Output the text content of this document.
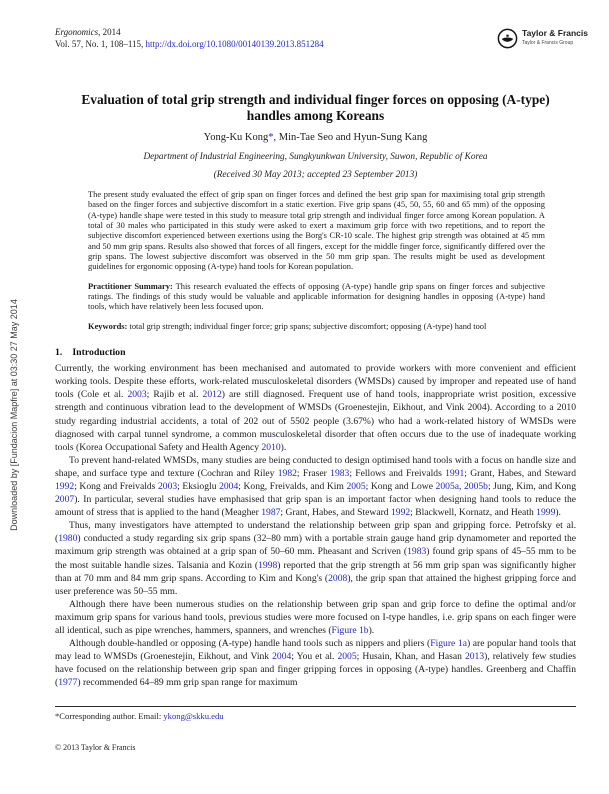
Downloaded by [Fundacion Mapfre] at 03:30 27 May 2014
Ergonomics, 2014
Vol. 57, No. 1, 108–115, http://dx.doi.org/10.1080/00140139.2013.851284
Taylor & Francis
Taylor & Francis Group
Evaluation of total grip strength and individual finger forces on opposing (A-type) handles among Koreans
Yong-Ku Kong*, Min-Tae Seo and Hyun-Sung Kang
Department of Industrial Engineering, Sungkyunkwan University, Suwon, Republic of Korea
(Received 30 May 2013; accepted 23 September 2013)

The present study evaluated the effect of grip span on finger forces and defined the best grip span for maximising total grip strength based on the finger forces and subjective discomfort in a static exertion. Five grip spans (45, 50, 55, 60 and 65 mm) of the opposing (A-type) handle shape were tested in this study to measure total grip strength and individual finger force among Korean population. A total of 30 males who participated in this study were asked to exert a maximum grip force with two repetitions, and to report the subjective discomfort experienced between exertions using the Borg's CR-10 scale. The highest grip strength was obtained at 45 mm and 50 mm grip spans. Results also showed that forces of all fingers, except for the middle finger force, significantly differed over the grip spans. The lowest subjective discomfort was observed in the 50 mm grip span. The results might be used as development guidelines for ergonomic opposing (A-type) hand tools for Korean population.

Practitioner Summary: This research evaluated the effects of opposing (A-type) handle grip spans on finger forces and subjective ratings. The findings of this study would be valuable and applicable information for designing handles in opposing (A-type) hand tools, which have relatively been less focused upon.

Keywords: total grip strength; individual finger force; grip spans; subjective discomfort; opposing (A-type) hand tool

1. Introduction

Currently, the working environment has been mechanised and automated to provide workers with more convenient and efficient working tools. Despite these efforts, work-related musculoskeletal disorders (WMSDs) caused by improper and repeated use of hand tools (Cole et al. 2003; Rajib et al. 2012) are still diagnosed. Frequent use of hand tools, inappropriate wrist position, excessive strength and continuous vibration lead to the development of WMSDs (Groenestejin, Eikhout, and Vink 2004). According to a 2010 study regarding industrial accidents, a total of 202 out of 5502 people (3.67%) who had a work-related history of WMSDs were diagnosed with carpal tunnel syndrome, a common musculoskeletal disorder that often occurs due to the use of inadequate working tools (Korea Occupational Safety and Health Agency 2010).

To prevent hand-related WMSDs, many studies are being conducted to design optimised hand tools with a focus on handle size and shape, and surface type and texture (Cochran and Riley 1982; Fraser 1983; Fellows and Freivalds 1991; Grant, Habes, and Steward 1992; Kong and Freivalds 2003; Eksioglu 2004; Kong, Freivalds, and Kim 2005; Kong and Lowe 2005a, 2005b; Jung, Kim, and Kong 2007). In particular, several studies have emphasised that grip span is an important factor when designing hand tools to reduce the amount of stress that is applied to the hand (Meagher 1987; Grant, Habes, and Steward 1992; Blackwell, Kornatz, and Heath 1999).

Thus, many investigators have attempted to understand the relationship between grip span and gripping force. Petrofsky et al. (1980) conducted a study regarding six grip spans (32–80 mm) with a portable strain gauge hand grip dynamometer and reported the maximum grip strength was obtained at a grip span of 50–60 mm. Pheasant and Scriven (1983) found grip spans of 45–55 mm to be the most suitable handle sizes. Talsania and Kozin (1998) reported that the grip strength at 56 mm grip span was significantly higher than at 70 mm and 84 mm grip spans. According to Kim and Kong's (2008), the grip span that attained the highest gripping force and user preference was 50–55 mm.

Although there have been numerous studies on the relationship between grip span and grip force to define the optimal and/or maximum grip spans for various hand tools, previous studies were more focused on I-type handles, i.e. grip spans on each finger were all identical, such as pipe wrenches, hammers, spanners, and wrenches (Figure 1b).

Although double-handled or opposing (A-type) handle hand tools such as nippers and pliers (Figure 1a) are popular hand tools that may lead to WMSDs (Groenestejin, Eikhout, and Vink 2004; You et al. 2005; Husain, Khan, and Hasan 2013), relatively few studies have focused on the relationship between grip span and finger gripping forces in opposing (A-type) handles. Greenberg and Chaffin (1977) recommended 64–89 mm grip span range for maximum

*Corresponding author. Email: ykong@skku.edu

© 2013 Taylor & Francis
